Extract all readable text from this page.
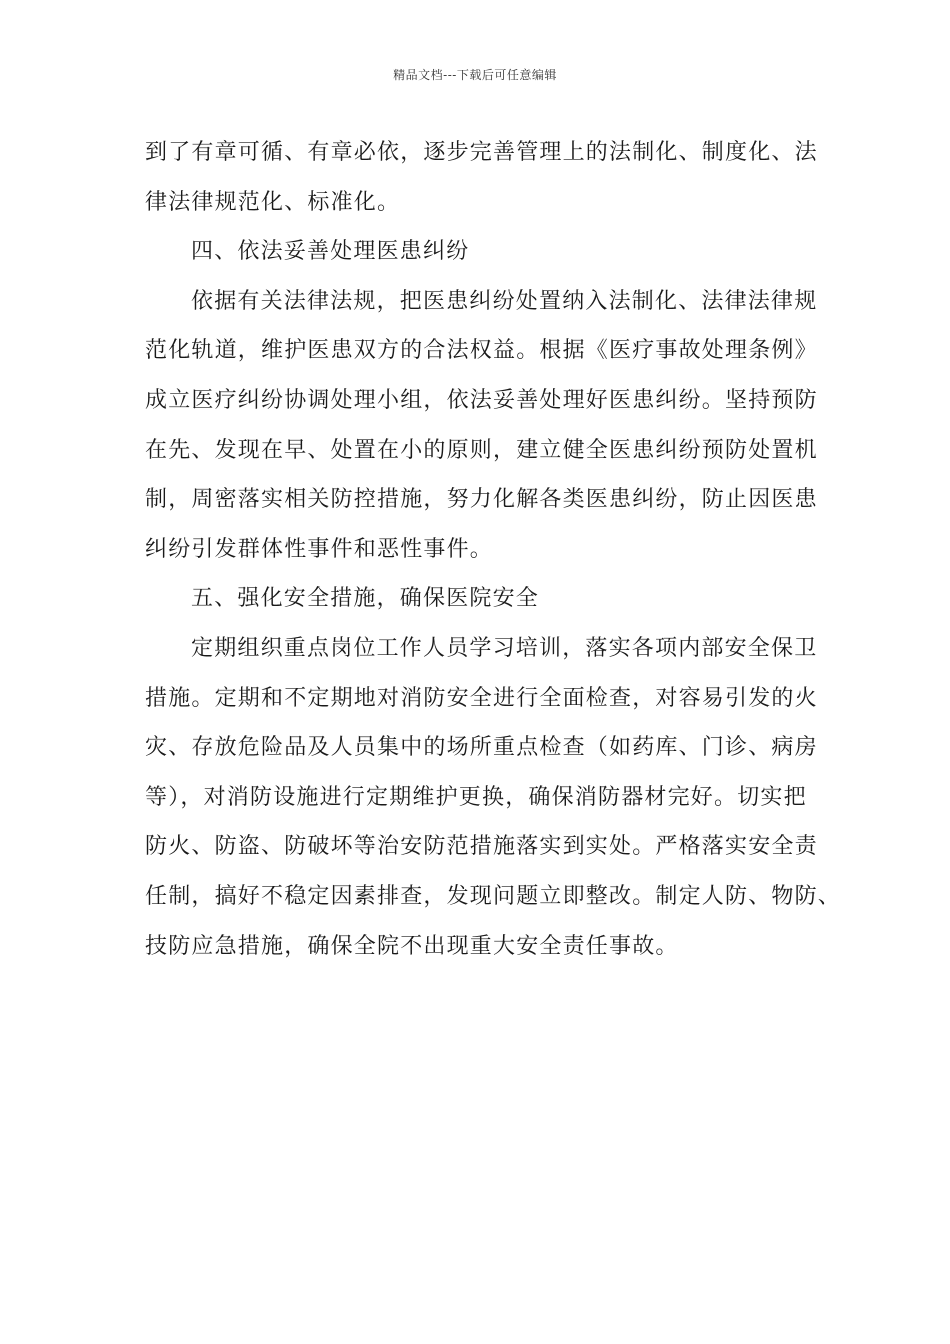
精品文档---下载后可任意编辑
到了有章可循、有章必依，逐步完善管理上的法制化、制度化、法
律法律规范化、标准化。
四、依法妥善处理医患纠纷
依据有关法律法规，把医患纠纷处置纳入法制化、法律法律规
范化轨道，维护医患双方的合法权益。根据《医疗事故处理条例》
成立医疗纠纷协调处理小组，依法妥善处理好医患纠纷。坚持预防
在先、发现在早、处置在小的原则，建立健全医患纠纷预防处置机
制，周密落实相关防控措施，努力化解各类医患纠纷，防止因医患
纠纷引发群体性事件和恶性事件。
五、强化安全措施，确保医院安全
定期组织重点岗位工作人员学习培训，落实各项内部安全保卫
措施。定期和不定期地对消防安全进行全面检查，对容易引发的火
灾、存放危险品及人员集中的场所重点检查（如药库、门诊、病房
等），对消防设施进行定期维护更换，确保消防器材完好。切实把
防火、防盗、防破坏等治安防范措施落实到实处。严格落实安全责
任制，搞好不稳定因素排查，发现问题立即整改。制定人防、物防、
技防应急措施，确保全院不出现重大安全责任事故。
